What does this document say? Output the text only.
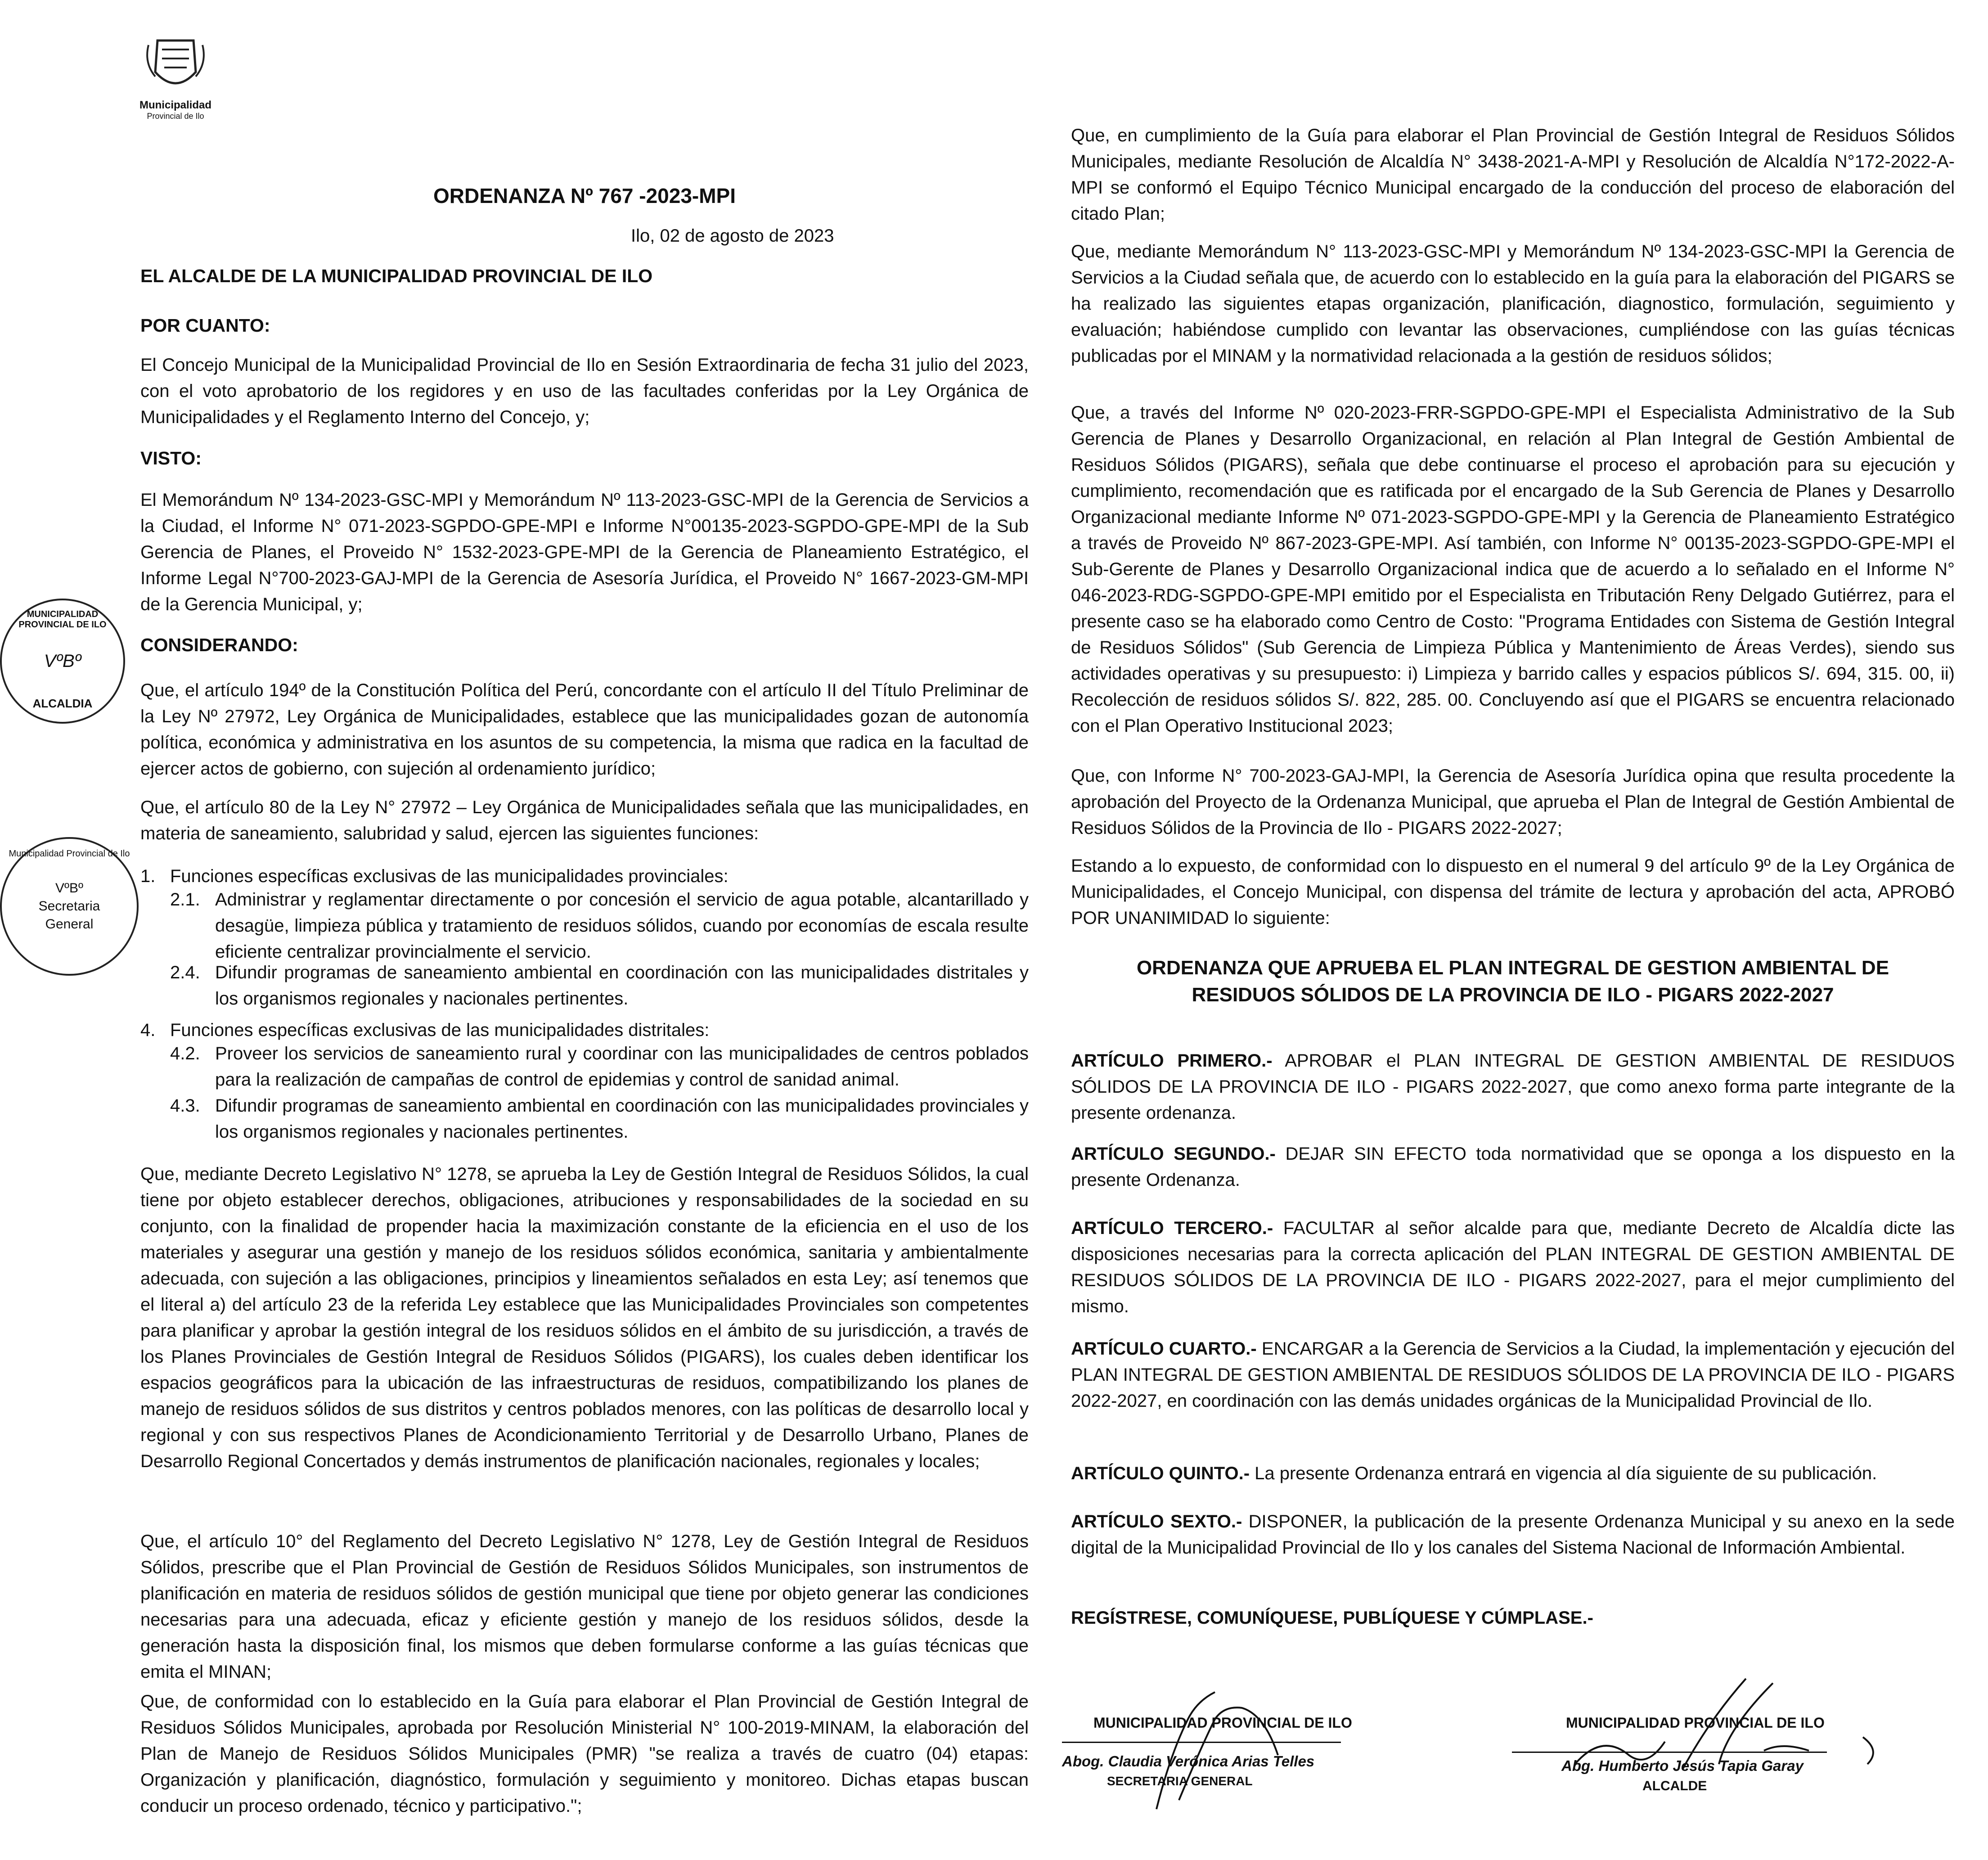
Municipalidad
Provincial de Ilo
ORDENANZA Nº 767 -2023-MPI
Ilo, 02 de agosto de 2023
EL ALCALDE DE LA MUNICIPALIDAD PROVINCIAL DE ILO
POR CUANTO:

El Concejo Municipal de la Municipalidad Provincial de Ilo en Sesión Extraordinaria de fecha 31 julio del 2023, con el voto aprobatorio de los regidores y en uso de las facultades conferidas por la Ley Orgánica de Municipalidades y el Reglamento Interno del Concejo, y;

VISTO:

El Memorándum Nº 134-2023-GSC-MPI y Memorándum Nº 113-2023-GSC-MPI de la Gerencia de Servicios a la Ciudad, el Informe N° 071-2023-SGPDO-GPE-MPI e Informe N°00135-2023-SGPDO-GPE-MPI de la Sub Gerencia de Planes, el Proveido N° 1532-2023-GPE-MPI de la Gerencia de Planeamiento Estratégico, el Informe Legal N°700-2023-GAJ-MPI de la Gerencia de Asesoría Jurídica, el Proveido N° 1667-2023-GM-MPI de la Gerencia Municipal, y;

CONSIDERANDO:

Que, el artículo 194º de la Constitución Política del Perú, concordante con el artículo II del Título Preliminar de la Ley Nº 27972, Ley Orgánica de Municipalidades, establece que las municipalidades gozan de autonomía política, económica y administrativa en los asuntos de su competencia, la misma que radica en la facultad de ejercer actos de gobierno, con sujeción al ordenamiento jurídico;

Que, el artículo 80 de la Ley N° 27972 – Ley Orgánica de Municipalidades señala que las municipalidades, en materia de saneamiento, salubridad y salud, ejercen las siguientes funciones:

1. Funciones específicas exclusivas de las municipalidades provinciales:
2.1. Administrar y reglamentar directamente o por concesión el servicio de agua potable, alcantarillado y desagüe, limpieza pública y tratamiento de residuos sólidos, cuando por economías de escala resulte eficiente centralizar provincialmente el servicio.
2.4. Difundir programas de saneamiento ambiental en coordinación con las municipalidades distritales y los organismos regionales y nacionales pertinentes.
4. Funciones específicas exclusivas de las municipalidades distritales:
4.2. Proveer los servicios de saneamiento rural y coordinar con las municipalidades de centros poblados para la realización de campañas de control de epidemias y control de sanidad animal.
4.3. Difundir programas de saneamiento ambiental en coordinación con las municipalidades provinciales y los organismos regionales y nacionales pertinentes.

Que, mediante Decreto Legislativo N° 1278, se aprueba la Ley de Gestión Integral de Residuos Sólidos, la cual tiene por objeto establecer derechos, obligaciones, atribuciones y responsabilidades de la sociedad en su conjunto, con la finalidad de propender hacia la maximización constante de la eficiencia en el uso de los materiales y asegurar una gestión y manejo de los residuos sólidos económica, sanitaria y ambientalmente adecuada, con sujeción a las obligaciones, principios y lineamientos señalados en esta Ley; así tenemos que el literal a) del artículo 23 de la referida Ley establece que las Municipalidades Provinciales son competentes para planificar y aprobar la gestión integral de los residuos sólidos en el ámbito de su jurisdicción, a través de los Planes Provinciales de Gestión Integral de Residuos Sólidos (PIGARS), los cuales deben identificar los espacios geográficos para la ubicación de las infraestructuras de residuos, compatibilizando los planes de manejo de residuos sólidos de sus distritos y centros poblados menores, con las políticas de desarrollo local y regional y con sus respectivos Planes de Acondicionamiento Territorial y de Desarrollo Urbano, Planes de Desarrollo Regional Concertados y demás instrumentos de planificación nacionales, regionales y locales;

Que, el artículo 10° del Reglamento del Decreto Legislativo N° 1278, Ley de Gestión Integral de Residuos Sólidos, prescribe que el Plan Provincial de Gestión de Residuos Sólidos Municipales, son instrumentos de planificación en materia de residuos sólidos de gestión municipal que tiene por objeto generar las condiciones necesarias para una adecuada, eficaz y eficiente gestión y manejo de los residuos sólidos, desde la generación hasta la disposición final, los mismos que deben formularse conforme a las guías técnicas que emita el MINAN;

Que, de conformidad con lo establecido en la Guía para elaborar el Plan Provincial de Gestión Integral de Residuos Sólidos Municipales, aprobada por Resolución Ministerial N° 100-2019-MINAM, la elaboración del Plan de Manejo de Residuos Sólidos Municipales (PMR) "se realiza a través de cuatro (04) etapas: Organización y planificación, diagnóstico, formulación y seguimiento y monitoreo. Dichas etapas buscan conducir un proceso ordenado, técnico y participativo.";

Que, en cumplimiento de la Guía para elaborar el Plan Provincial de Gestión Integral de Residuos Sólidos Municipales, mediante Resolución de Alcaldía N° 3438-2021-A-MPI y Resolución de Alcaldía N°172-2022-A-MPI se conformó el Equipo Técnico Municipal encargado de la conducción del proceso de elaboración del citado Plan;

Que, mediante Memorándum N° 113-2023-GSC-MPI y Memorándum Nº 134-2023-GSC-MPI la Gerencia de Servicios a la Ciudad señala que, de acuerdo con lo establecido en la guía para la elaboración del PIGARS se ha realizado las siguientes etapas organización, planificación, diagnostico, formulación, seguimiento y evaluación; habiéndose cumplido con levantar las observaciones, cumpliéndose con las guías técnicas publicadas por el MINAM y la normatividad relacionada a la gestión de residuos sólidos;

Que, a través del Informe Nº 020-2023-FRR-SGPDO-GPE-MPI el Especialista Administrativo de la Sub Gerencia de Planes y Desarrollo Organizacional, en relación al Plan Integral de Gestión Ambiental de Residuos Sólidos (PIGARS), señala que debe continuarse el proceso el aprobación para su ejecución y cumplimiento, recomendación que es ratificada por el encargado de la Sub Gerencia de Planes y Desarrollo Organizacional mediante Informe Nº 071-2023-SGPDO-GPE-MPI y la Gerencia de Planeamiento Estratégico a través de Proveido Nº 867-2023-GPE-MPI. Así también, con Informe N° 00135-2023-SGPDO-GPE-MPI el Sub-Gerente de Planes y Desarrollo Organizacional indica que de acuerdo a lo señalado en el Informe N° 046-2023-RDG-SGPDO-GPE-MPI emitido por el Especialista en Tributación Reny Delgado Gutiérrez, para el presente caso se ha elaborado como Centro de Costo: "Programa Entidades con Sistema de Gestión Integral de Residuos Sólidos" (Sub Gerencia de Limpieza Pública y Mantenimiento de Áreas Verdes), siendo sus actividades operativas y su presupuesto: i) Limpieza y barrido calles y espacios públicos S/. 694, 315. 00, ii) Recolección de residuos sólidos S/. 822, 285. 00. Concluyendo así que el PIGARS se encuentra relacionado con el Plan Operativo Institucional 2023;

Que, con Informe N° 700-2023-GAJ-MPI, la Gerencia de Asesoría Jurídica opina que resulta procedente la aprobación del Proyecto de la Ordenanza Municipal, que aprueba el Plan de Integral de Gestión Ambiental de Residuos Sólidos de la Provincia de Ilo - PIGARS 2022-2027;

Estando a lo expuesto, de conformidad con lo dispuesto en el numeral 9 del artículo 9º de la Ley Orgánica de Municipalidades, el Concejo Municipal, con dispensa del trámite de lectura y aprobación del acta, APROBÓ POR UNANIMIDAD lo siguiente:

ORDENANZA QUE APRUEBA EL PLAN INTEGRAL DE GESTION AMBIENTAL DE
RESIDUOS SÓLIDOS DE LA PROVINCIA DE ILO - PIGARS 2022-2027

ARTÍCULO PRIMERO.- APROBAR el PLAN INTEGRAL DE GESTION AMBIENTAL DE RESIDUOS SÓLIDOS DE LA PROVINCIA DE ILO - PIGARS 2022-2027, que como anexo forma parte integrante de la presente ordenanza.

ARTÍCULO SEGUNDO.- DEJAR SIN EFECTO toda normatividad que se oponga a los dispuesto en la presente Ordenanza.

ARTÍCULO TERCERO.- FACULTAR al señor alcalde para que, mediante Decreto de Alcaldía dicte las disposiciones necesarias para la correcta aplicación del PLAN INTEGRAL DE GESTION AMBIENTAL DE RESIDUOS SÓLIDOS DE LA PROVINCIA DE ILO - PIGARS 2022-2027, para el mejor cumplimiento del mismo.

ARTÍCULO CUARTO.- ENCARGAR a la Gerencia de Servicios a la Ciudad, la implementación y ejecución del PLAN INTEGRAL DE GESTION AMBIENTAL DE RESIDUOS SÓLIDOS DE LA PROVINCIA DE ILO - PIGARS 2022-2027, en coordinación con las demás unidades orgánicas de la Municipalidad Provincial de Ilo.

ARTÍCULO QUINTO.- La presente Ordenanza entrará en vigencia al día siguiente de su publicación.

ARTÍCULO SEXTO.- DISPONER, la publicación de la presente Ordenanza Municipal y su anexo en la sede digital de la Municipalidad Provincial de Ilo y los canales del Sistema Nacional de Información Ambiental.

REGÍSTRESE, COMUNÍQUESE, PUBLÍQUESE Y CÚMPLASE.-
MUNICIPALIDAD PROVINCIAL DE ILO
Abog. Claudia Verónica Arias Telles
SECRETARIA GENERAL
MUNICIPALIDAD PROVINCIAL DE ILO
Abg. Humberto Jesús Tapia Garay
ALCALDE
MUNICIPALIDAD PROVINCIAL DE ILO
VºBº
ALCALDIA
Municipalidad Provincial de Ilo
VºBº
Secretaria
General
